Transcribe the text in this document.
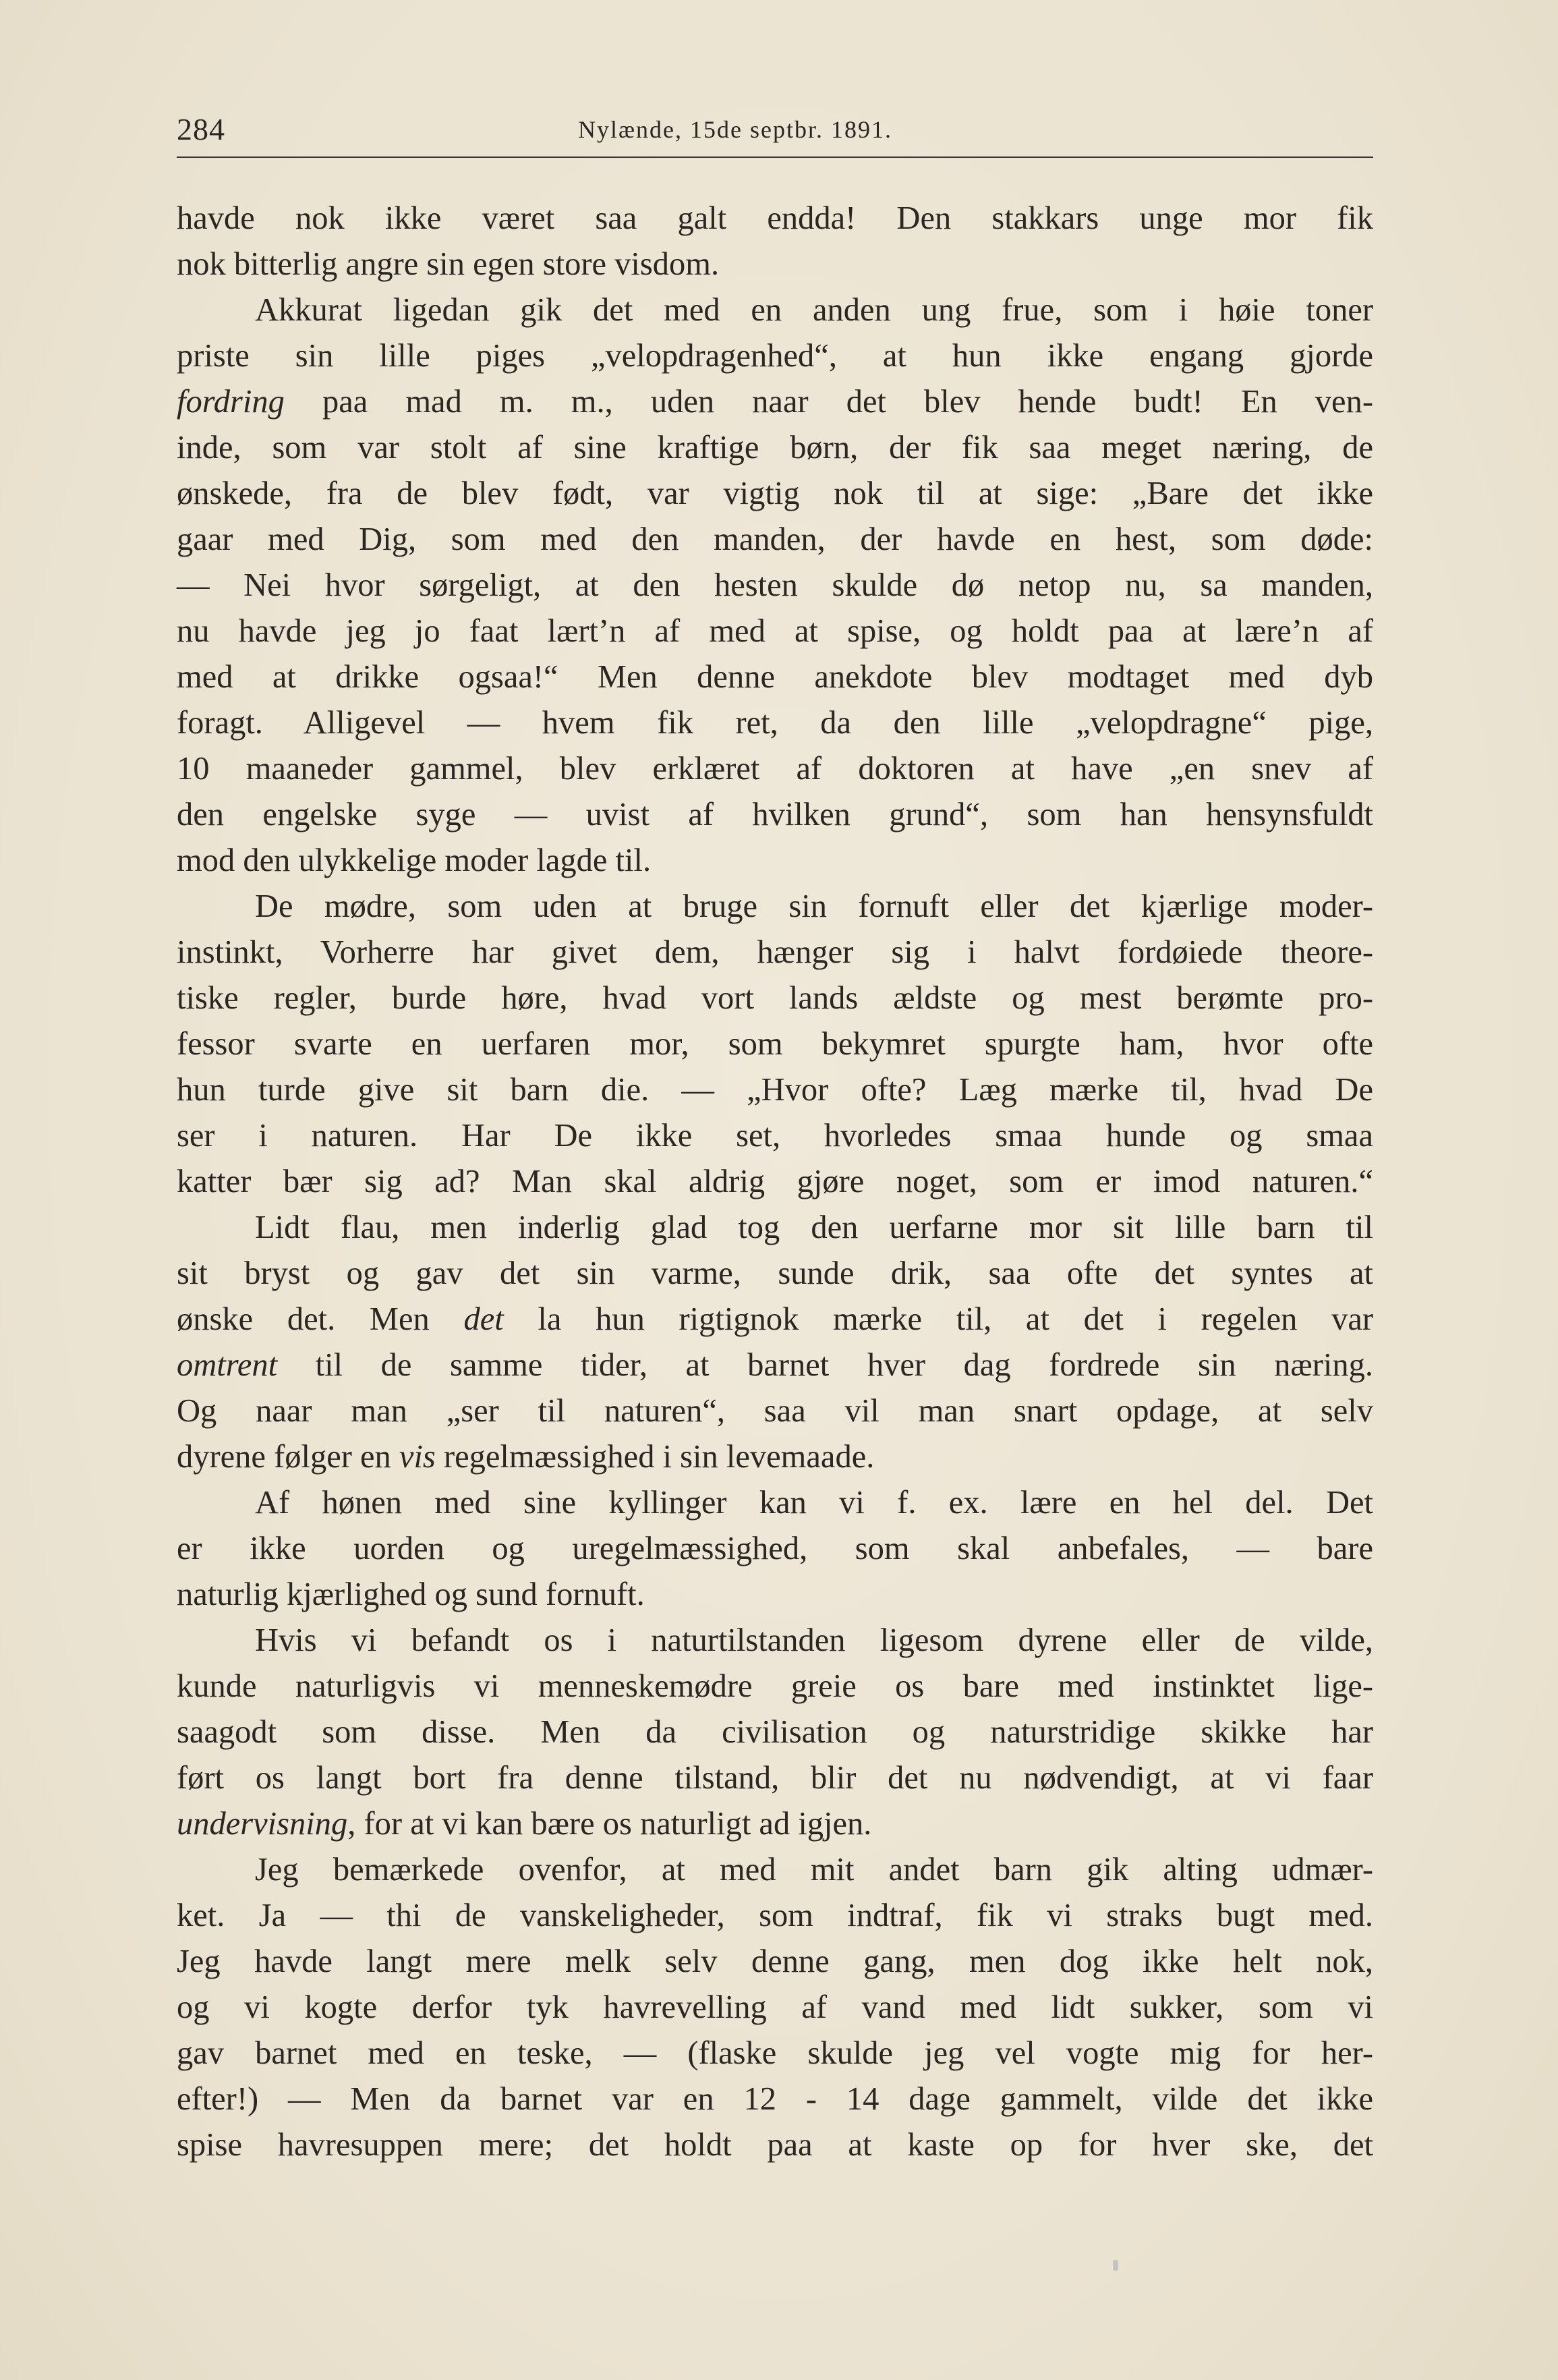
284	Nylænde, 15de septbr. 1891.
havde nok ikke været saa galt endda! Den stakkars unge mor fik
nok bitterlig angre sin egen store visdom.
Akkurat ligedan gik det med en anden ung frue, som i høie toner
priste sin lille piges „velopdragenhed“, at hun ikke engang gjorde
fordring paa mad m. m., uden naar det blev hende budt! En ven-
inde, som var stolt af sine kraftige børn, der fik saa meget næring, de
ønskede, fra de blev født, var vigtig nok til at sige: „Bare det ikke
gaar med Dig, som med den manden, der havde en hest, som døde:
— Nei hvor sørgeligt, at den hesten skulde dø netop nu, sa manden,
nu havde jeg jo faat lært’n af med at spise, og holdt paa at lære’n af
med at drikke ogsaa!“ Men denne anekdote blev modtaget med dyb
foragt. Alligevel — hvem fik ret, da den lille „velopdragne“ pige,
10 maaneder gammel, blev erklæret af doktoren at have „en snev af
den engelske syge — uvist af hvilken grund“, som han hensynsfuldt
mod den ulykkelige moder lagde til.
De mødre, som uden at bruge sin fornuft eller det kjærlige moder-
instinkt, Vorherre har givet dem, hænger sig i halvt fordøiede theore-
tiske regler, burde høre, hvad vort lands ældste og mest berømte pro-
fessor svarte en uerfaren mor, som bekymret spurgte ham, hvor ofte
hun turde give sit barn die. — „Hvor ofte? Læg mærke til, hvad De
ser i naturen. Har De ikke set, hvorledes smaa hunde og smaa
katter bær sig ad? Man skal aldrig gjøre noget, som er imod naturen.“
Lidt flau, men inderlig glad tog den uerfarne mor sit lille barn til
sit bryst og gav det sin varme, sunde drik, saa ofte det syntes at
ønske det. Men det la hun rigtignok mærke til, at det i regelen var
omtrent til de samme tider, at barnet hver dag fordrede sin næring.
Og naar man „ser til naturen“, saa vil man snart opdage, at selv
dyrene følger en vis regelmæssighed i sin levemaade.
Af hønen med sine kyllinger kan vi f. ex. lære en hel del. Det
er ikke uorden og uregelmæssighed, som skal anbefales, — bare
naturlig kjærlighed og sund fornuft.
Hvis vi befandt os i naturtilstanden ligesom dyrene eller de vilde,
kunde naturligvis vi menneskemødre greie os bare med instinktet lige-
saagodt som disse. Men da civilisation og naturstridige skikke har
ført os langt bort fra denne tilstand, blir det nu nødvendigt, at vi faar
undervisning, for at vi kan bære os naturligt ad igjen.
Jeg bemærkede ovenfor, at med mit andet barn gik alting udmær-
ket. Ja — thi de vanskeligheder, som indtraf, fik vi straks bugt med.
Jeg havde langt mere melk selv denne gang, men dog ikke helt nok,
og vi kogte derfor tyk havrevelling af vand med lidt sukker, som vi
gav barnet med en teske, — (flaske skulde jeg vel vogte mig for her-
efter!) — Men da barnet var en 12 - 14 dage gammelt, vilde det ikke
spise havresuppen mere; det holdt paa at kaste op for hver ske, det
